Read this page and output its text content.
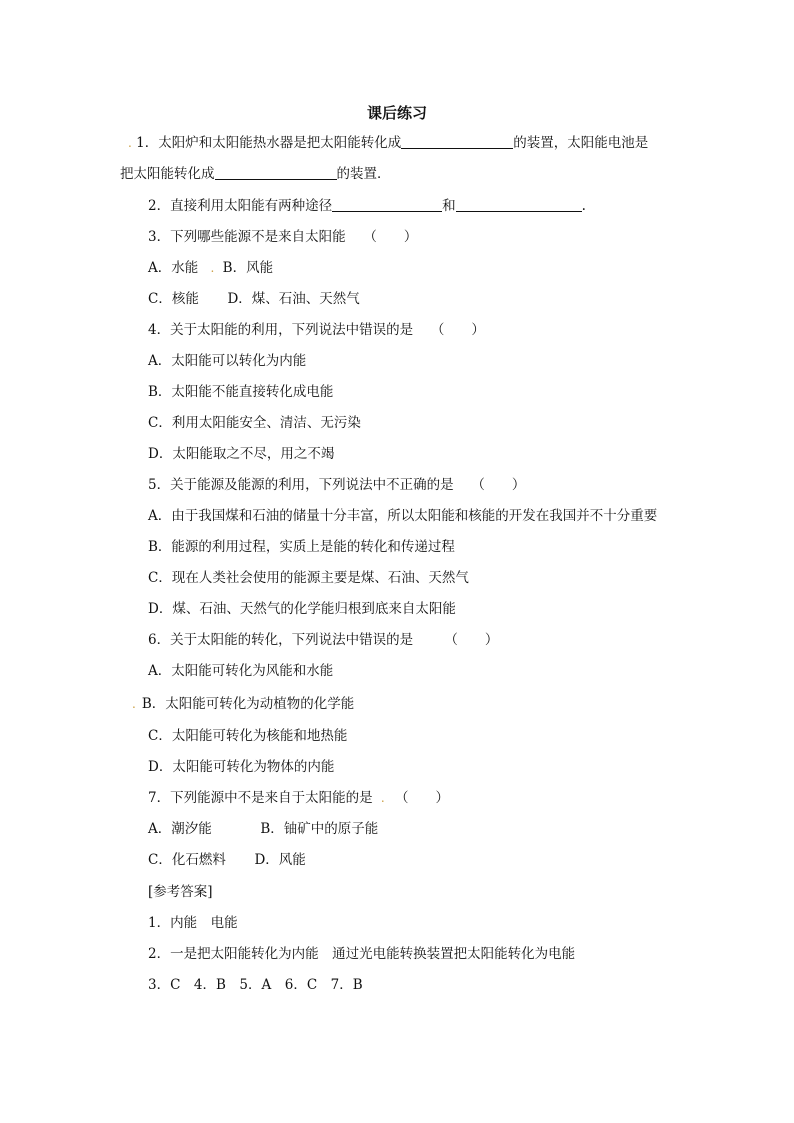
课后练习
. 1．太阳炉和太阳能热水器是把太阳能转化成	的装置，太阳能电池是
把太阳能转化成	的装置．
2．直接利用太阳能有两种途径	和	.
3．下列哪些能源不是来自太阳能　 （　　）
A．水能 . B．风能
C．核能 D．煤、石油、天然气
4．关于太阳能的利用，下列说法中错误的是　 （　　）
A．太阳能可以转化为内能
B．太阳能不能直接转化成电能
C．利用太阳能安全、清洁、无污染
D．太阳能取之不尽，用之不竭
5．关于能源及能源的利用，下列说法中不正确的是　 （　　）
A．由于我国煤和石油的储量十分丰富，所以太阳能和核能的开发在我国并不十分重要
B．能源的利用过程，实质上是能的转化和传递过程
C．现在人类社会使用的能源主要是煤、石油、天然气
D．煤、石油、天然气的化学能归根到底来自太阳能
6．关于太阳能的转化，下列说法中错误的是　　 （　　）
A．太阳能可转化为风能和水能
. B．太阳能可转化为动植物的化学能
C．太阳能可转化为核能和地热能
D．太阳能可转化为物体的内能
7．下列能源中不是来自于太阳能的是 . （　　）
A．潮汐能	B．铀矿中的原子能
C．化石燃料 D．风能
[参考答案]
1．内能　电能
2．一是把太阳能转化为内能　通过光电能转换装置把太阳能转化为电能
3．C　4．B　5．A　6．C　7．B
